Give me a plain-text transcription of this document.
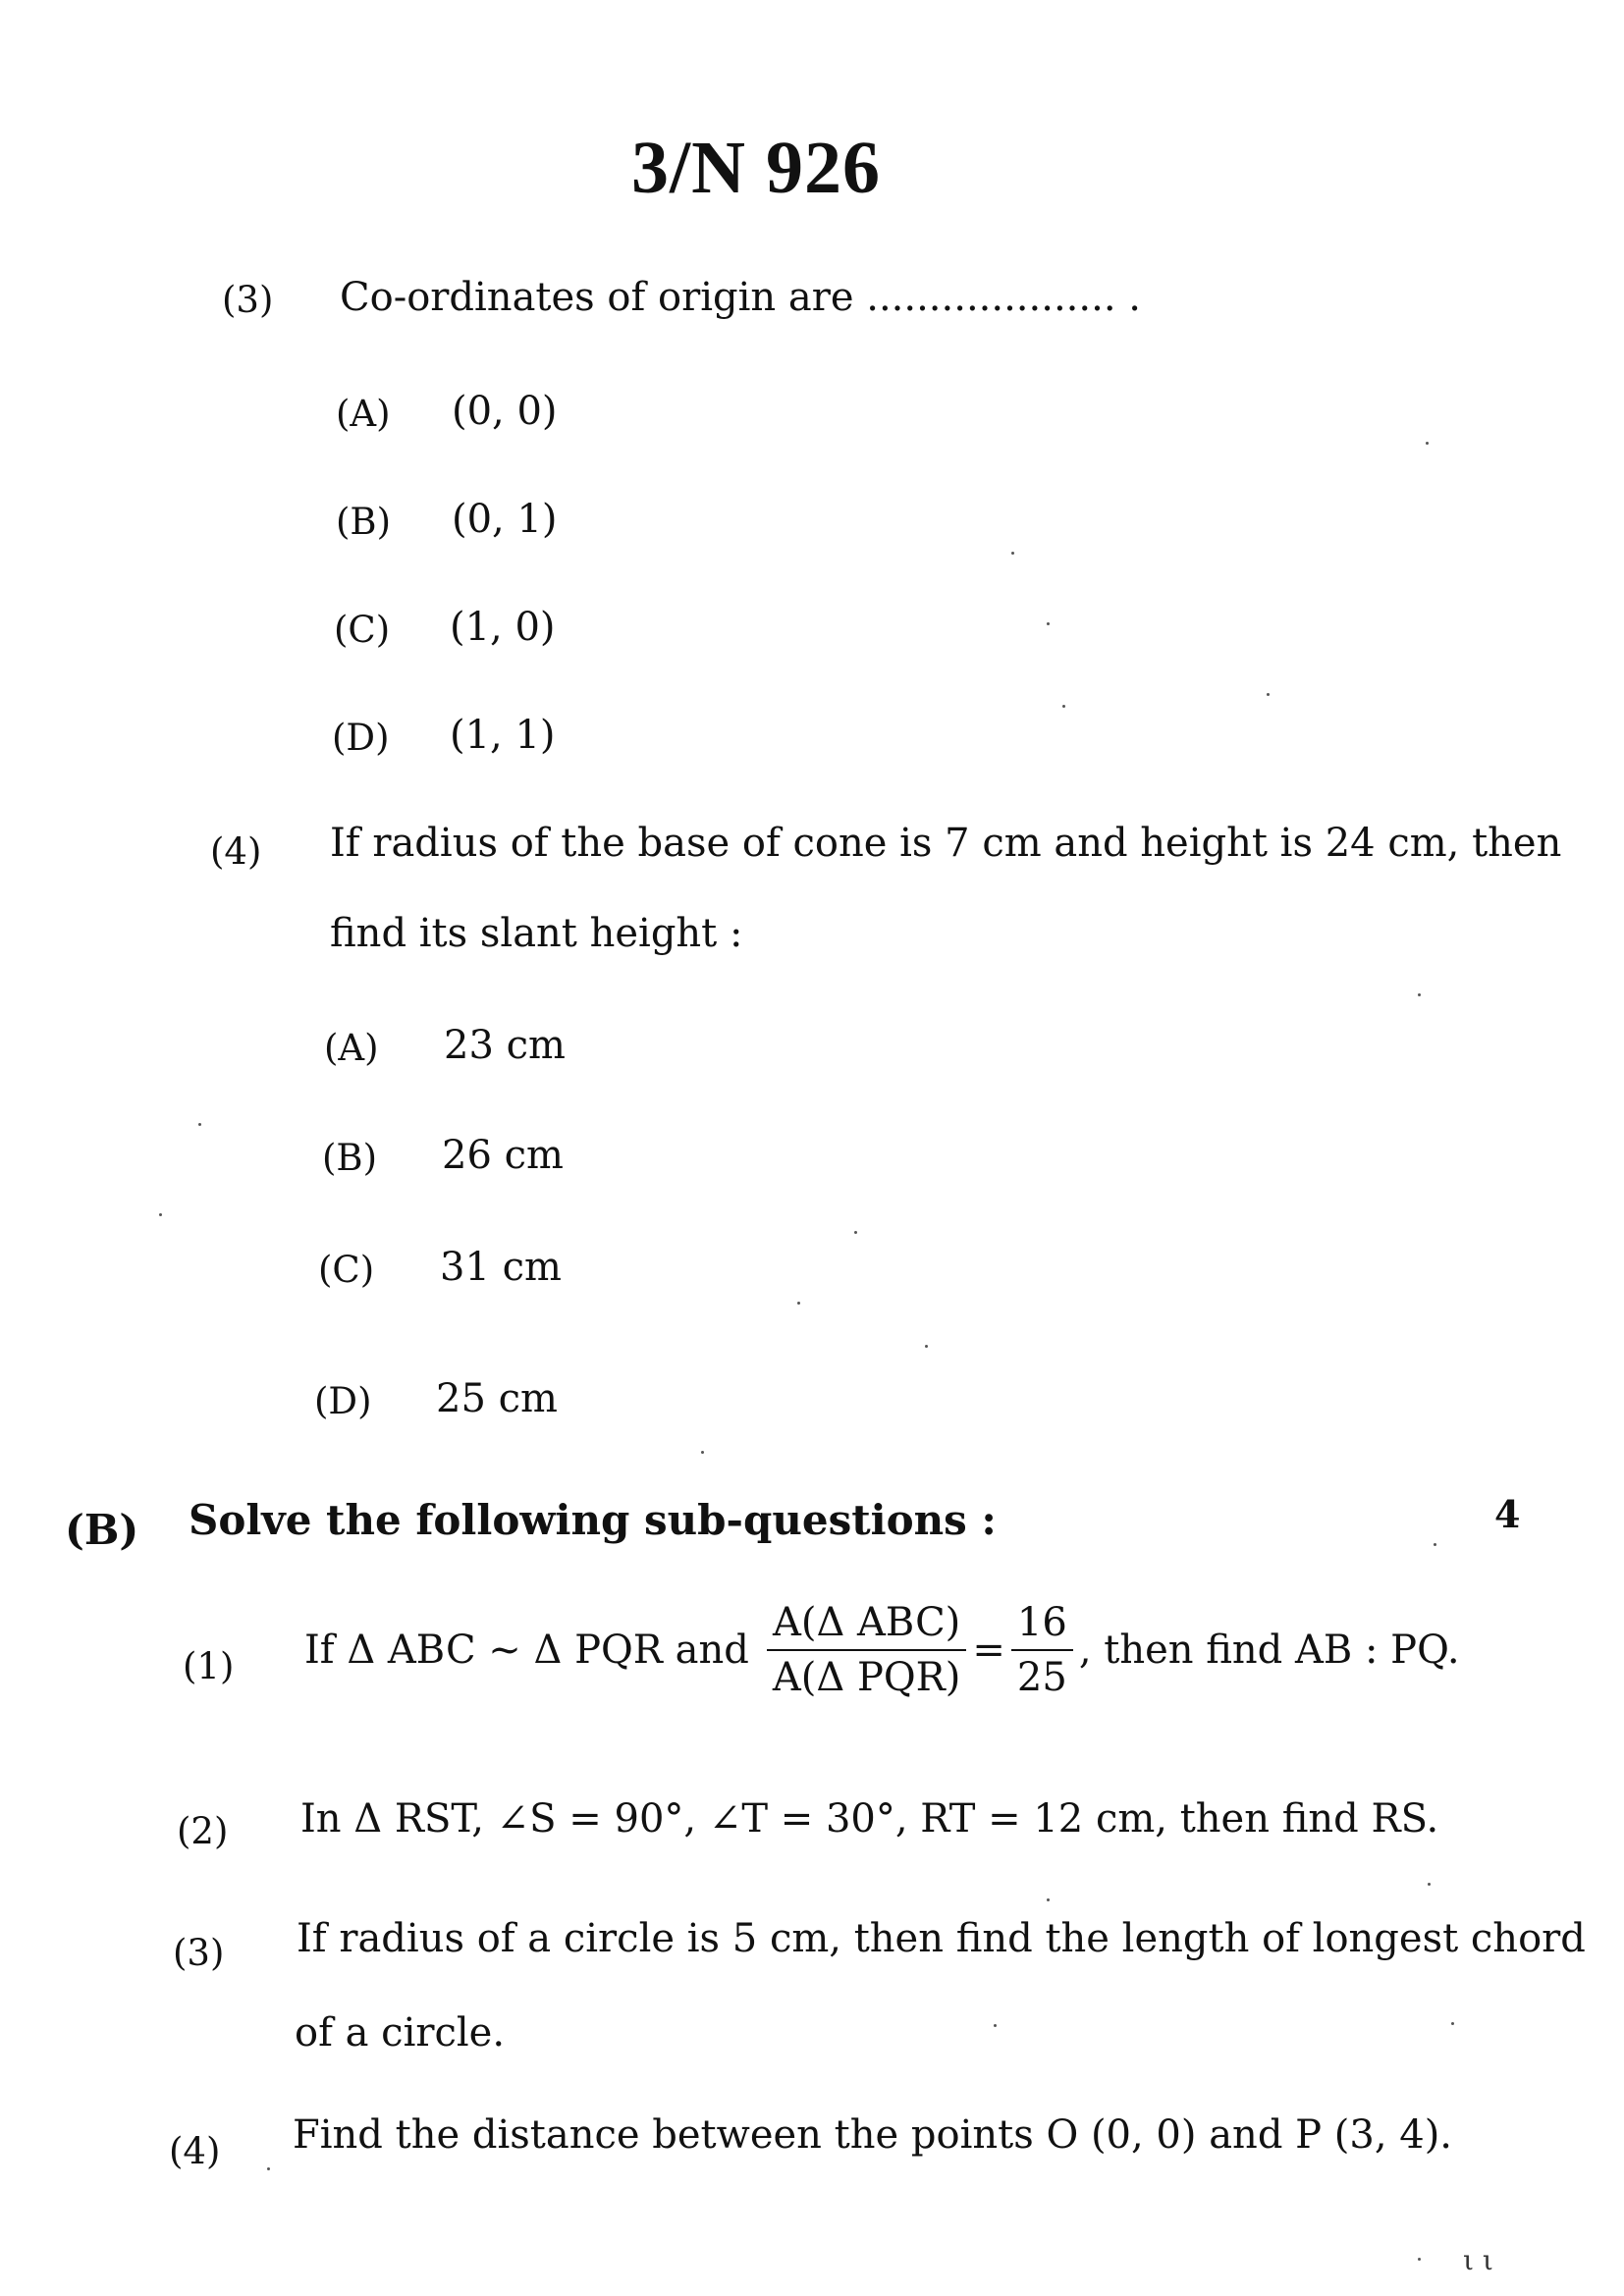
3/N 926
(3) Co-ordinates of origin are .................... .
(A) (0, 0)
(B) (0, 1)
(C) (1, 0)
(D) (1, 1)
(4) If radius of the base of cone is 7 cm and height is 24 cm, then
find its slant height :
(A) 23 cm
(B) 26 cm
(C) 31 cm
(D) 25 cm
(B) Solve the following sub-questions :	4
(1) If Δ ABC ~ Δ PQR and $\frac{\text{A(Δ ABC)}}{\text{A(Δ PQR)}} = \frac{16}{25}$ , then find AB : PQ.
(2) In Δ RST, ∠S = 90°, ∠T = 30°, RT = 12 cm, then find RS.
(3) If radius of a circle is 5 cm, then find the length of longest chord
of a circle.
(4) Find the distance between the points O (0, 0) and P (3, 4).
ι ι
